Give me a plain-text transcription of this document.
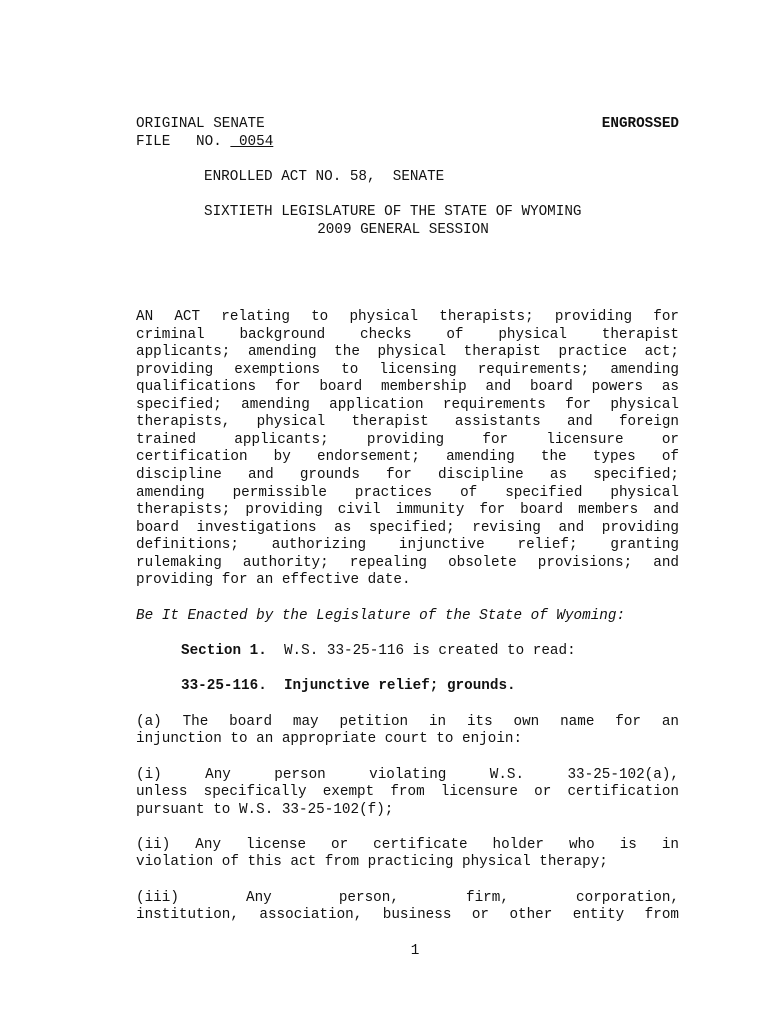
ORIGINAL SENATE	ENGROSSED
FILE   NO.  0054
ENROLLED ACT NO. 58,  SENATE
SIXTIETH LEGISLATURE OF THE STATE OF WYOMING
2009 GENERAL SESSION
AN ACT relating to physical therapists; providing for
criminal background checks of physical therapist
applicants; amending the physical therapist practice act;
providing exemptions to licensing requirements; amending
qualifications for board membership and board powers as
specified; amending application requirements for physical
therapists, physical therapist assistants and foreign
trained applicants; providing for licensure or
certification by endorsement; amending the types of
discipline and grounds for discipline as specified;
amending permissible practices of specified physical
therapists; providing civil immunity for board members and
board investigations as specified; revising and providing
definitions; authorizing injunctive relief; granting
rulemaking authority; repealing obsolete provisions; and
providing for an effective date.
Be It Enacted by the Legislature of the State of Wyoming:
Section 1. W.S. 33-25-116 is created to read:
33-25-116.  Injunctive relief; grounds.
(a) The board may petition in its own name for an
injunction to an appropriate court to enjoin:
(i) Any person violating W.S. 33-25-102(a),
unless specifically exempt from licensure or certification
pursuant to W.S. 33-25-102(f);
(ii) Any license or certificate holder who is in
violation of this act from practicing physical therapy;
(iii) Any person, firm, corporation,
institution, association, business or other entity from
1
